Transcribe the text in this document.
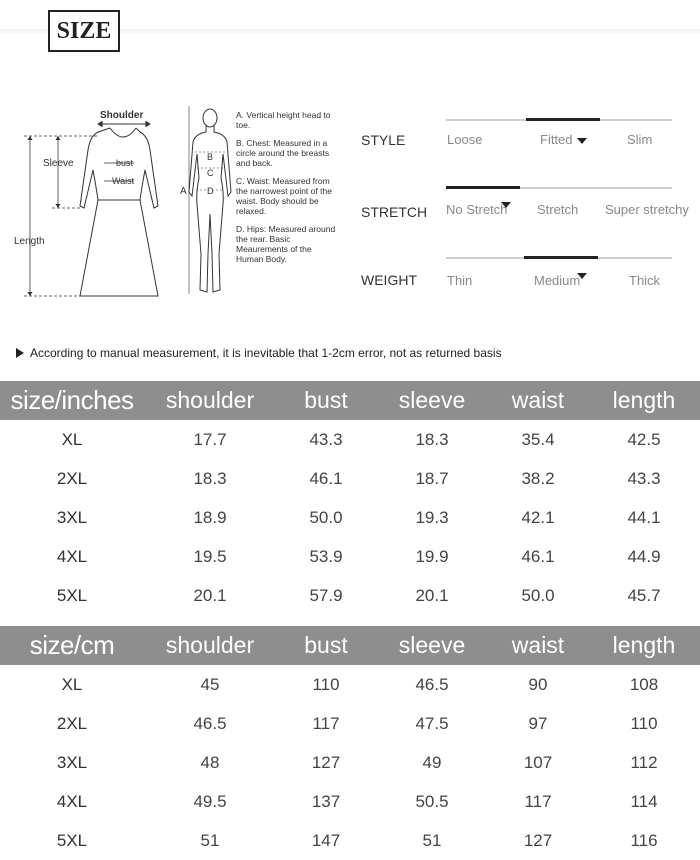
SIZE
Shoulder
Sleeve
Length
bust
Waist
A
B
C
D

A. Vertical height head to toe.

B. Chest: Measured in a circle around the breasts and back.

C. Waist: Measured from the narrowest point of the waist. Body should be relaxed.

D. Hips: Measured around the rear. Basic Meaurements of the Human Body.

STYLE	Loose	Fitted	Slim
STRETCH No Stretch	Stretch Super stretchy
WEIGHT Thin	Medium	Thick
According to manual measurement, it is inevitable that 1-2cm error, not as returned basis
size/inches	shoulder	bust	sleeve	waist	length
XL	17.7	43.3	18.3	35.4	42.5
2XL	18.3	46.1	18.7	38.2	43.3
3XL	18.9	50.0	19.3	42.1	44.1
4XL	19.5	53.9	19.9	46.1	44.9
5XL	20.1	57.9	20.1	50.0	45.7
size/cm	shoulder	bust	sleeve	waist	length
XL	45	110	46.5	90	108
2XL	46.5	117	47.5	97	110
3XL	48	127	49	107	112
4XL	49.5	137	50.5	117	114
5XL	51	147	51	127	116
